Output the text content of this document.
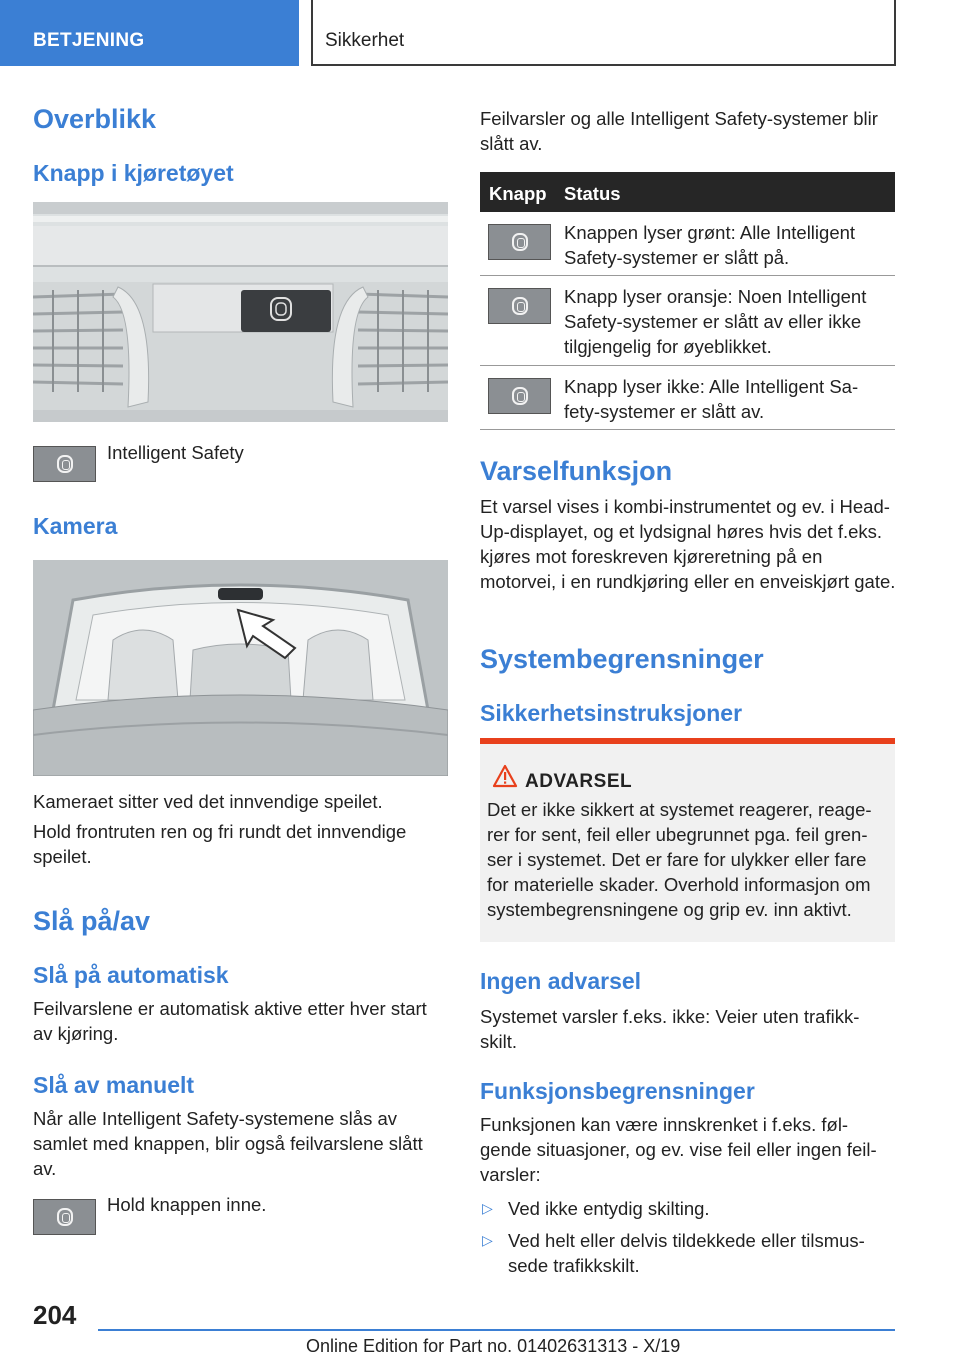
BETJENING	Sikkerhet
Overblikk
Knapp i kjøretøyet
Intelligent Safety
Kamera
Kameraet sitter ved det innvendige speilet.
Hold frontruten ren og fri rundt det innvendige speilet.
Slå på/av
Slå på automatisk
Feilvarslene er automatisk aktive etter hver start av kjøring.
Slå av manuelt
Når alle Intelligent Safety-systemene slås av samlet med knappen, blir også feilvarslene slått av.
Hold knappen inne.
Feilvarsler og alle Intelligent Safety-systemer blir slått av.
Knapp Status
Knappen lyser grønt: Alle Intelligent Safety-systemer er slått på.
Knapp lyser oransje: Noen Intelligent Safety-systemer er slått av eller ikke tilgjengelig for øyeblikket.
Knapp lyser ikke: Alle Intelligent Sa-fety-systemer er slått av.
Varselfunksjon
Et varsel vises i kombi-instrumentet og ev. i Head-Up-displayet, og et lydsignal høres hvis det f.eks. kjøres mot foreskreven kjøreretning på en motorvei, i en rundkjøring eller en enveiskjørt gate.
Systembegrensninger
Sikkerhetsinstruksjoner
ADVARSEL
Det er ikke sikkert at systemet reagerer, reage-rer for sent, feil eller ubegrunnet pga. feil gren-ser i systemet. Det er fare for ulykker eller fare for materielle skader. Overhold informasjon om systembegrensningene og grip ev. inn aktivt.
Ingen advarsel
Systemet varsler f.eks. ikke: Veier uten trafikk-skilt.
Funksjonsbegrensninger
Funksjonen kan være innskrenket i f.eks. føl-gende situasjoner, og ev. vise feil eller ingen feil-varsler:
▷ Ved ikke entydig skilting.
▷ Ved helt eller delvis tildekkede eller tilsmus-sede trafikkskilt.
204
Online Edition for Part no. 01402631313 - X/19
